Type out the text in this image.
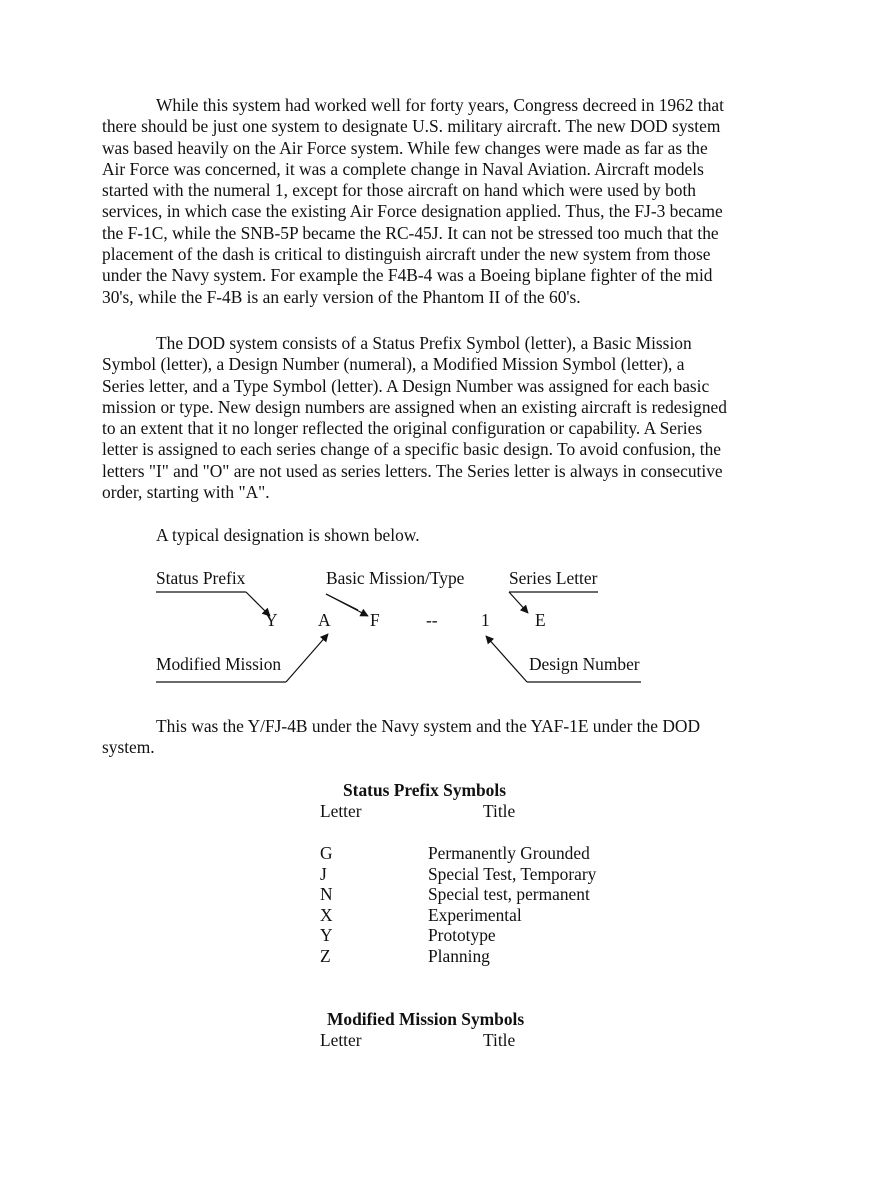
While this system had worked well for forty years, Congress decreed in 1962 that
there should be just one system to designate U.S. military aircraft. The new DOD system
was based heavily on the Air Force system. While few changes were made as far as the
Air Force was concerned, it was a complete change in Naval Aviation. Aircraft models
started with the numeral 1, except for those aircraft on hand which were used by both
services, in which case the existing Air Force designation applied. Thus, the FJ-3 became
the F-1C, while the SNB-5P became the RC-45J. It can not be stressed too much that the
placement of the dash is critical to distinguish aircraft under the new system from those
under the Navy system. For example the F4B-4 was a Boeing biplane fighter of the mid
30's, while the F-4B is an early version of the Phantom II of the 60's.
The DOD system consists of a Status Prefix Symbol (letter), a Basic Mission
Symbol (letter), a Design Number (numeral), a Modified Mission Symbol (letter), a
Series letter, and a Type Symbol (letter). A Design Number was assigned for each basic
mission or type. New design numbers are assigned when an existing aircraft is redesigned
to an extent that it no longer reflected the original configuration or capability. A Series
letter is assigned to each series change of a specific basic design. To avoid confusion, the
letters "I" and "O" are not used as series letters. The Series letter is always in consecutive
order, starting with "A".
A typical designation is shown below.
Status Prefix	Basic Mission/Type	Series Letter
Y A F	-- 1	E
Modified Mission	Design Number
This was the Y/FJ-4B under the Navy system and the YAF-1E under the DOD
system.
Status Prefix Symbols
Letter	Title
G	Permanently Grounded
J	Special Test, Temporary
N	Special test, permanent
X	Experimental
Y	Prototype
Z	Planning
Modified Mission Symbols
Letter	Title
